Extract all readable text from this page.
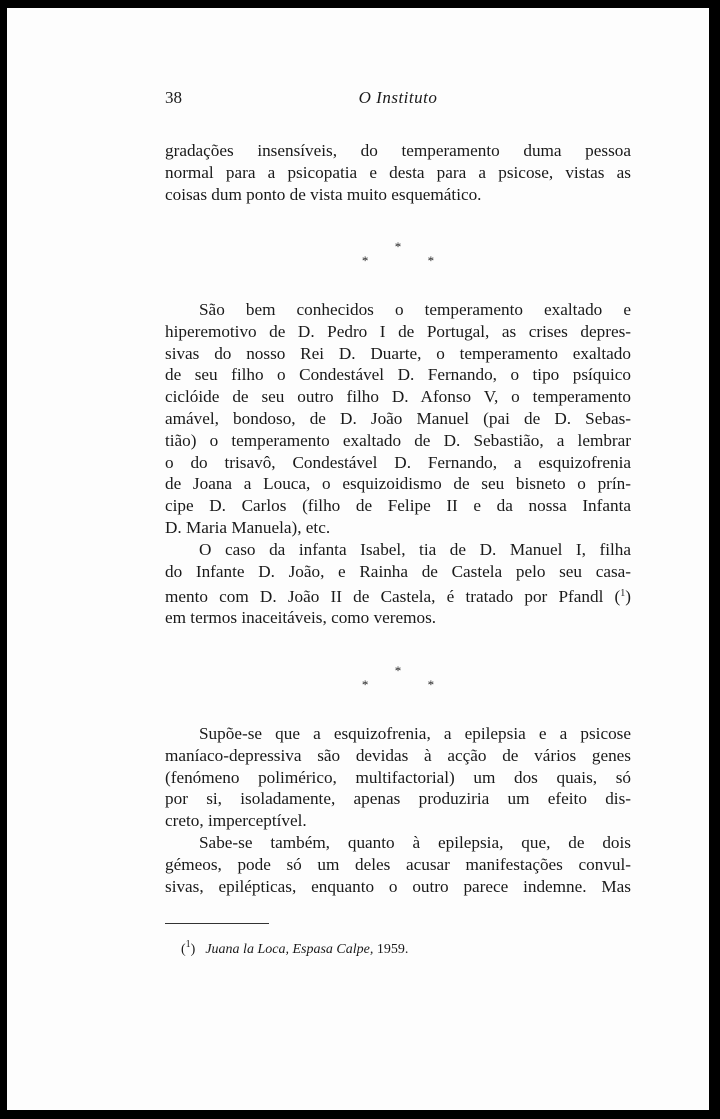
38	O Instituto
gradações insensíveis, do temperamento duma pessoa
normal para a psicopatia e desta para a psicose, vistas as
coisas dum ponto de vista muito esquemático.
*
* *
São bem conhecidos o temperamento exaltado e
hiperemotivo de D. Pedro I de Portugal, as crises depres-
sivas do nosso Rei D. Duarte, o temperamento exaltado
de seu filho o Condestável D. Fernando, o tipo psíquico
ciclóide de seu outro filho D. Afonso V, o temperamento
amável, bondoso, de D. João Manuel (pai de D. Sebas-
tião) o temperamento exaltado de D. Sebastião, a lembrar
o do trisavô, Condestável D. Fernando, a esquizofrenia
de Joana a Louca, o esquizoidismo de seu bisneto o prín-
cipe D. Carlos (filho de Felipe II e da nossa Infanta
D. Maria Manuela), etc.
O caso da infanta Isabel, tia de D. Manuel I, filha
do Infante D. João, e Rainha de Castela pelo seu casa-
mento com D. João II de Castela, é tratado por Pfandl ($^1$)
em termos inaceitáveis, como veremos.
*
* *
Supõe-se que a esquizofrenia, a epilepsia e a psicose
maníaco-depressiva são devidas à acção de vários genes
(fenómeno polimérico, multifactorial) um dos quais, só
por si, isoladamente, apenas produziria um efeito dis-
creto, imperceptível.
Sabe-se também, quanto à epilepsia, que, de dois
gémeos, pode só um deles acusar manifestações convul-
sivas, epilépticas, enquanto o outro parece indemne. Mas
($^1$) Juana la Loca, Espasa Calpe, 1959.
